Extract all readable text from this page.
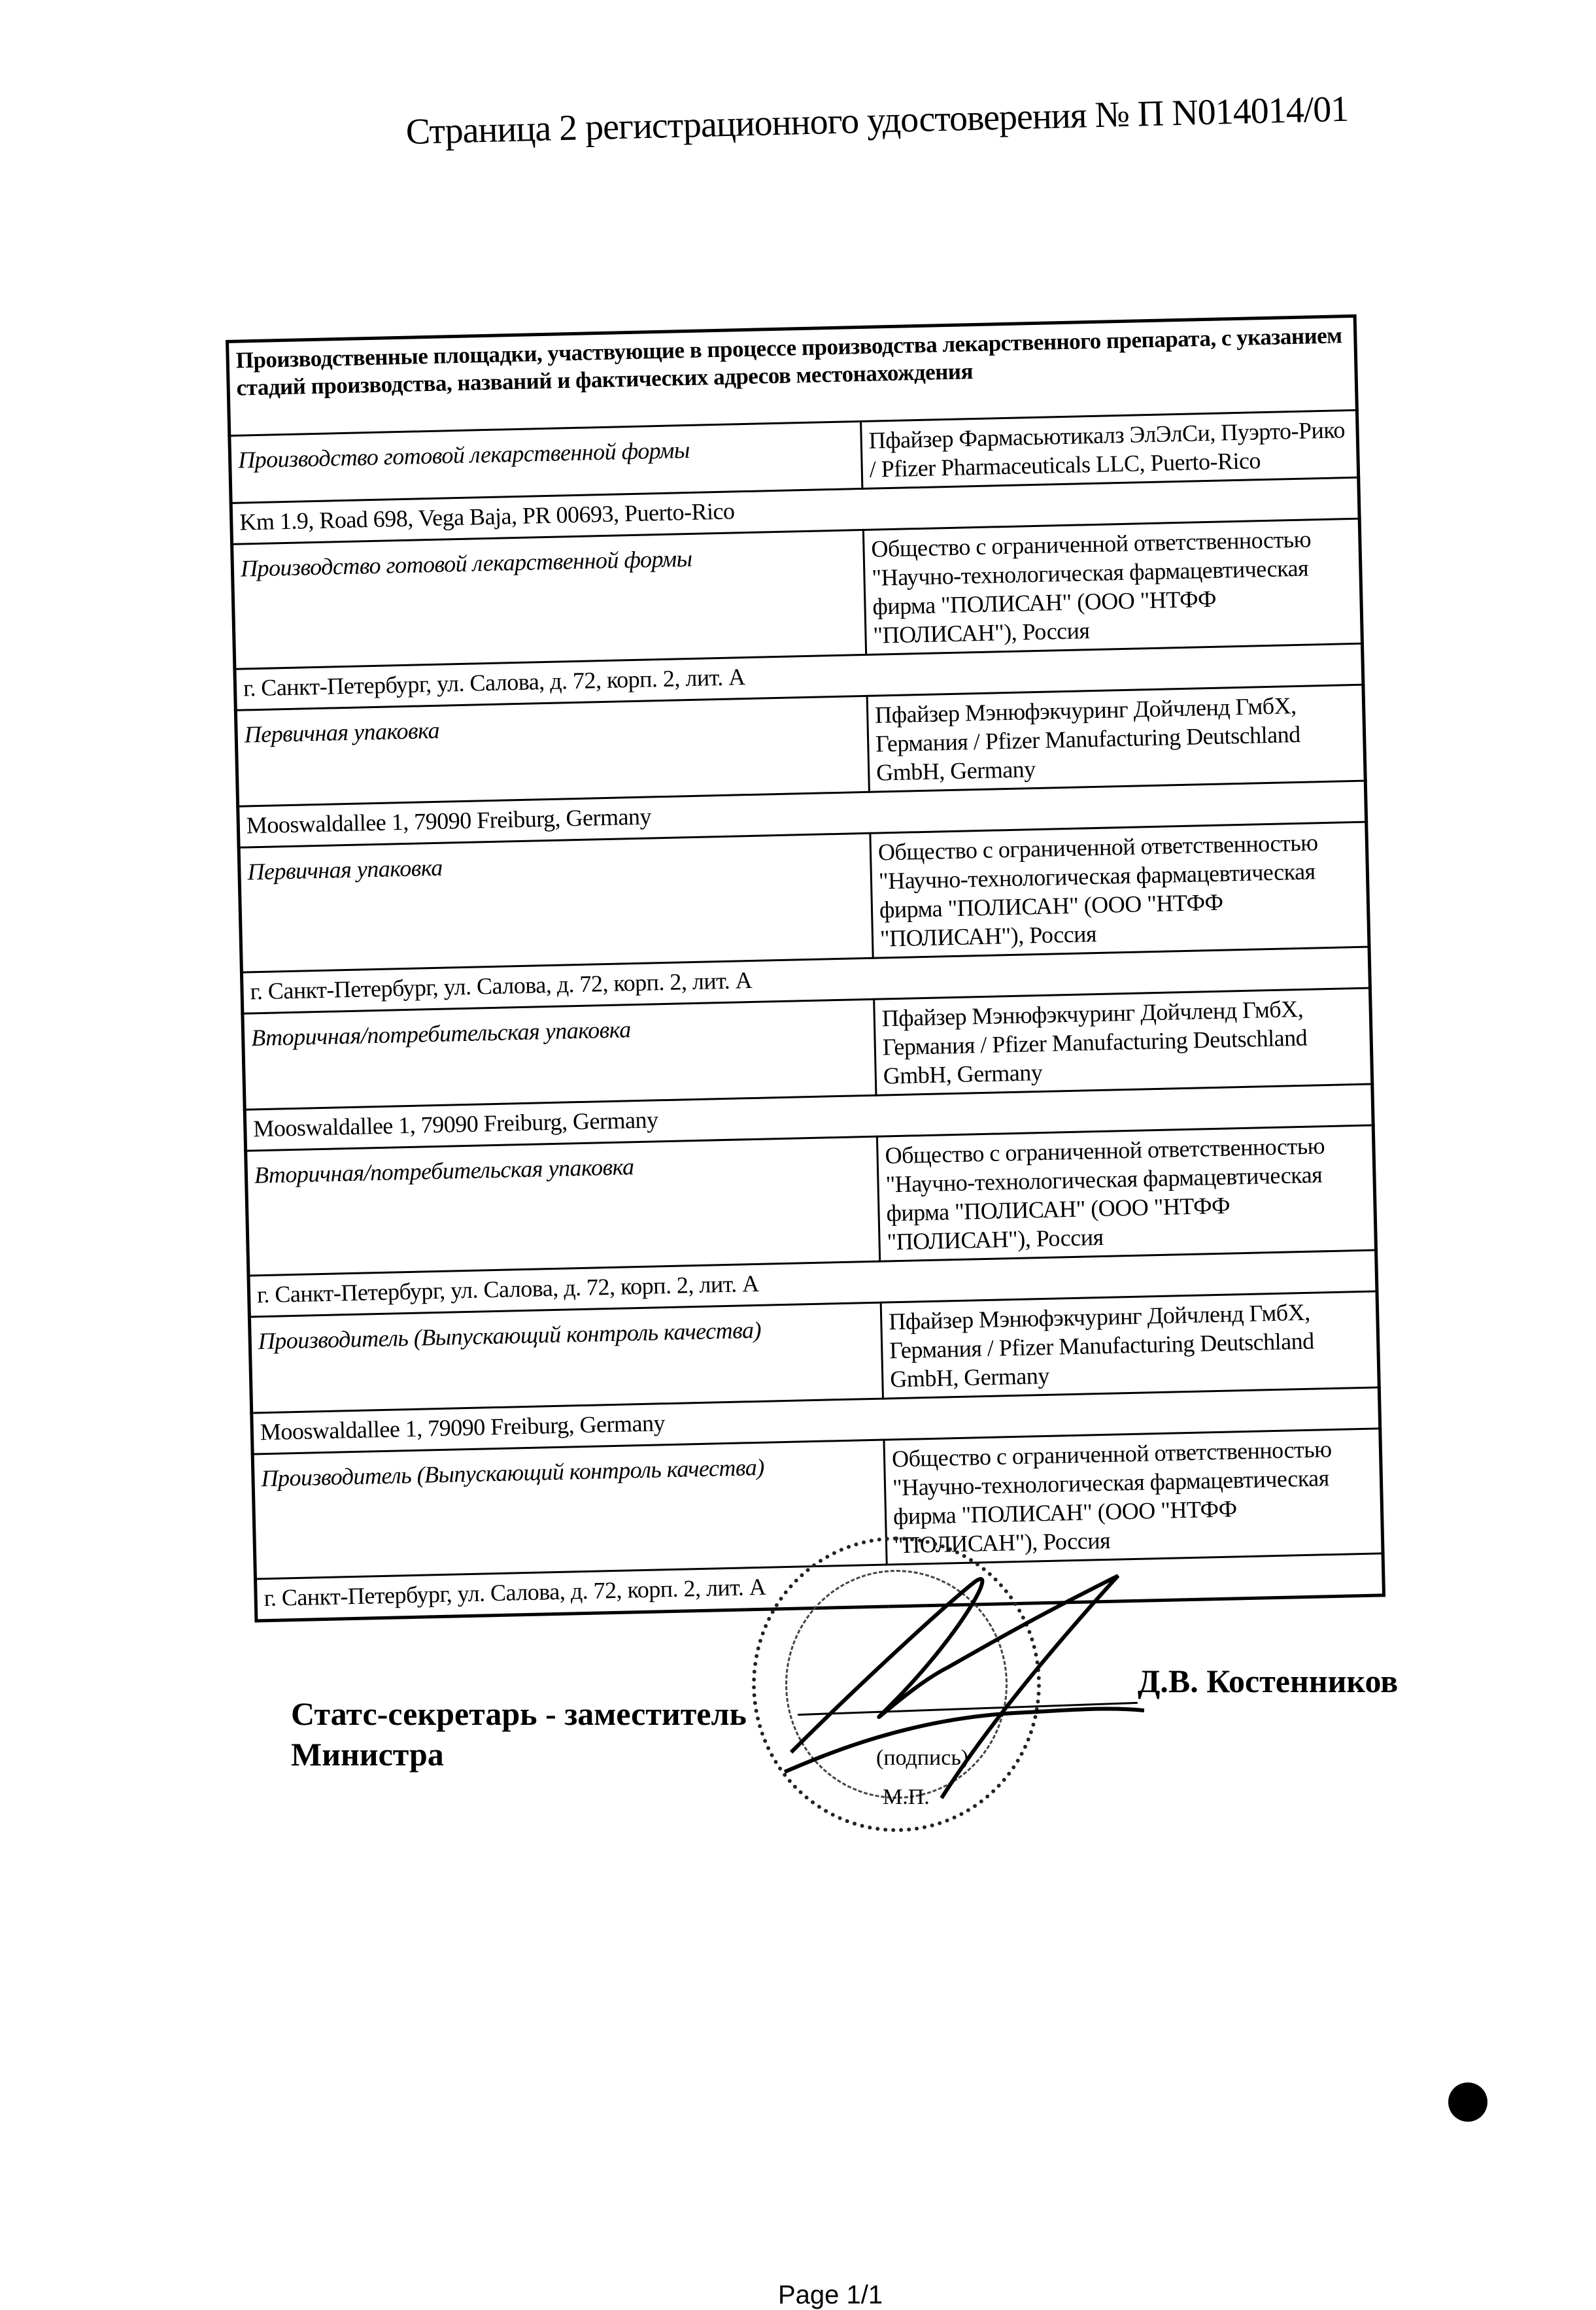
Страница 2 регистрационного удостоверения № П N014014/01
Производственные площадки, участвующие в процессе производства лекарственного препарата, с указанием стадий производства, названий и фактических адресов местонахождения	
Производство готовой лекарственной формы	Пфайзер Фармасьютикалз ЭлЭлСи, Пуэрто-Рико / Pfizer Pharmaceuticals LLC, Puerto-Rico
Km 1.9, Road 698, Vega Baja, PR 00693, Puerto-Rico	
Производство готовой лекарственной формы	Общество с ограниченной ответственностью "Научно-технологическая фармацевтическая фирма "ПОЛИСАН" (ООО "НТФФ "ПОЛИСАН"), Россия
г. Санкт-Петербург, ул. Салова, д. 72, корп. 2, лит. А	
Первичная упаковка	Пфайзер Мэнюфэкчуринг Дойчленд ГмбХ, Германия / Pfizer Manufacturing Deutschland GmbH, Germany
Mooswaldallee 1, 79090 Freiburg, Germany	
Первичная упаковка	Общество с ограниченной ответственностью "Научно-технологическая фармацевтическая фирма "ПОЛИСАН" (ООО "НТФФ "ПОЛИСАН"), Россия
г. Санкт-Петербург, ул. Салова, д. 72, корп. 2, лит. А	
Вторичная/потребительская упаковка	Пфайзер Мэнюфэкчуринг Дойчленд ГмбХ, Германия / Pfizer Manufacturing Deutschland GmbH, Germany
Mooswaldallee 1, 79090 Freiburg, Germany	
Вторичная/потребительская упаковка	Общество с ограниченной ответственностью "Научно-технологическая фармацевтическая фирма "ПОЛИСАН" (ООО "НТФФ "ПОЛИСАН"), Россия
г. Санкт-Петербург, ул. Салова, д. 72, корп. 2, лит. А	
Производитель (Выпускающий контроль качества)	Пфайзер Мэнюфэкчуринг Дойчленд ГмбХ, Германия / Pfizer Manufacturing Deutschland GmbH, Germany
Mooswaldallee 1, 79090 Freiburg, Germany	
Производитель (Выпускающий контроль качества)	Общество с ограниченной ответственностью "Научно-технологическая фармацевтическая фирма "ПОЛИСАН" (ООО "НТФФ "ПОЛИСАН"), Россия
г. Санкт-Петербург, ул. Салова, д. 72, корп. 2, лит. А	
Статс-секретарь - заместитель
Министра
Д.В. Костенников
(подпись)
М.П.
Page 1/1
